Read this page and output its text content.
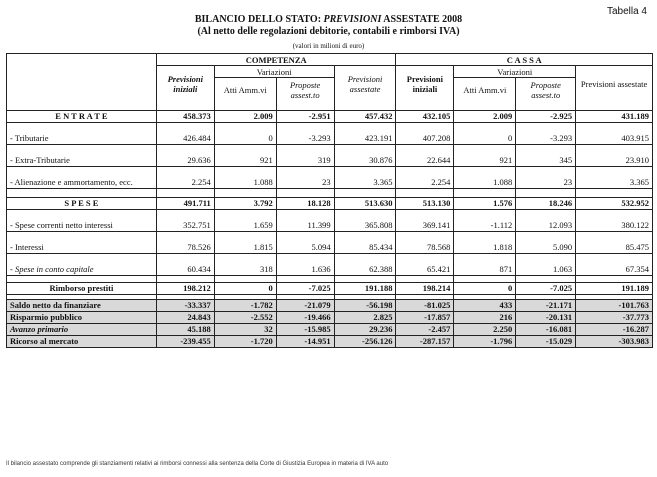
Tabella 4
BILANCIO DELLO STATO: PREVISIONI ASSESTATE 2008
(Al netto delle regolazioni debitorie, contabili e rimborsi IVA)
(valori in milioni di euro)
	COMPETENZA				C A S S A			
	Previsioni iniziali	Variazioni		Previsioni assestate	Previsioni iniziali	Variazioni		Previsioni assestate
		Atti Amm.vi	Proposte assest.to			Atti Amm.vi	Proposte assest.to	

E N T R A T E	458.373	2.009	-2.951	457.432	432.105	2.009	-2.925	431.189

- Tributarie	426.484	0	-3.293	423.191	407.208	0	-3.293	403.915

- Extra-Tributarie	29.636	921	319	30.876	22.644	921	345	23.910

- Alienazione e ammortamento, ecc.	2.254	1.088	23	3.365	2.254	1.088	23	3.365

S P E S E	491.711	3.792	18.128	513.630	513.130	1.576	18.246	532.952

- Spese correnti netto interessi	352.751	1.659	11.399	365.808	369.141	-1.112	12.093	380.122

- Interessi	78.526	1.815	5.094	85.434	78.568	1.818	5.090	85.475

- Spese in conto capitale	60.434	318	1.636	62.388	65.421	871	1.063	67.354

Rimborso prestiti	198.212	0	-7.025	191.188	198.214	0	-7.025	191.189

Saldo netto da finanziare	-33.337	-1.782	-21.079	-56.198	-81.025	433	-21.171	-101.763
Risparmio pubblico	24.843	-2.552	-19.466	2.825	-17.857	216	-20.131	-37.773
Avanzo primario	45.188	32	-15.985	29.236	-2.457	2.250	-16.081	-16.287
Ricorso al mercato	-239.455	-1.720	-14.951	-256.126	-287.157	-1.796	-15.029	-303.983
Il bilancio assestato comprende gli stanziamenti relativi ai rimborsi connessi alla sentenza della Corte di Giustizia Europea in materia di IVA auto
